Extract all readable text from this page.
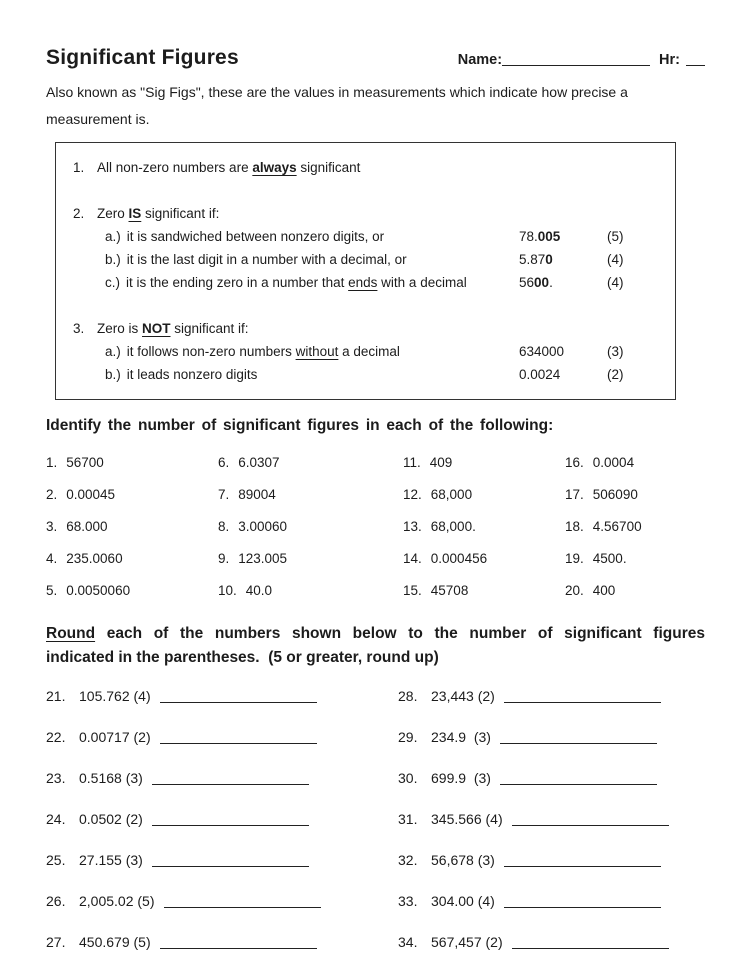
Significant Figures	Name:	Hr:

Also known as "Sig Figs", these are the values in measurements which indicate how precise a measurement is.

1. All non-zero numbers are always significant
2. Zero IS significant if:
a.) it is sandwiched between nonzero digits, or	78.005	(5)
b.) it is the last digit in a number with a decimal, or	5.870	(4)
c.) it is the ending zero in a number that ends with a decimal	5600.	(4)
3. Zero is NOT significant if:
a.) it follows non-zero numbers without a decimal	634000	(3)
b.) it leads nonzero digits	0.0024	(2)
Identify the number of significant figures in each of the following:
1. 56700
2. 0.00045
3. 68.000
4. 235.0060
5. 0.0050060
6. 6.0307
7. 89004
8. 3.00060
9. 123.005
10. 40.0
11. 409
12. 68,000
13. 68,000.
14. 0.000456
15. 45708
16. 0.0004
17. 506090
18. 4.56700
19. 4500.
20. 400
Round each of the numbers shown below to the number of significant figures
indicated in the parentheses.  (5 or greater, round up)
21. 105.762 (4)
22. 0.00717 (2)
23. 0.5168 (3)
24. 0.0502 (2)
25. 27.155 (3)
26. 2,005.02 (5)
27. 450.679 (5)
28. 23,443 (2)
29. 234.9  (3)
30. 699.9  (3)
31. 345.566 (4)
32. 56,678 (3)
33. 304.00 (4)
34. 567,457 (2)
